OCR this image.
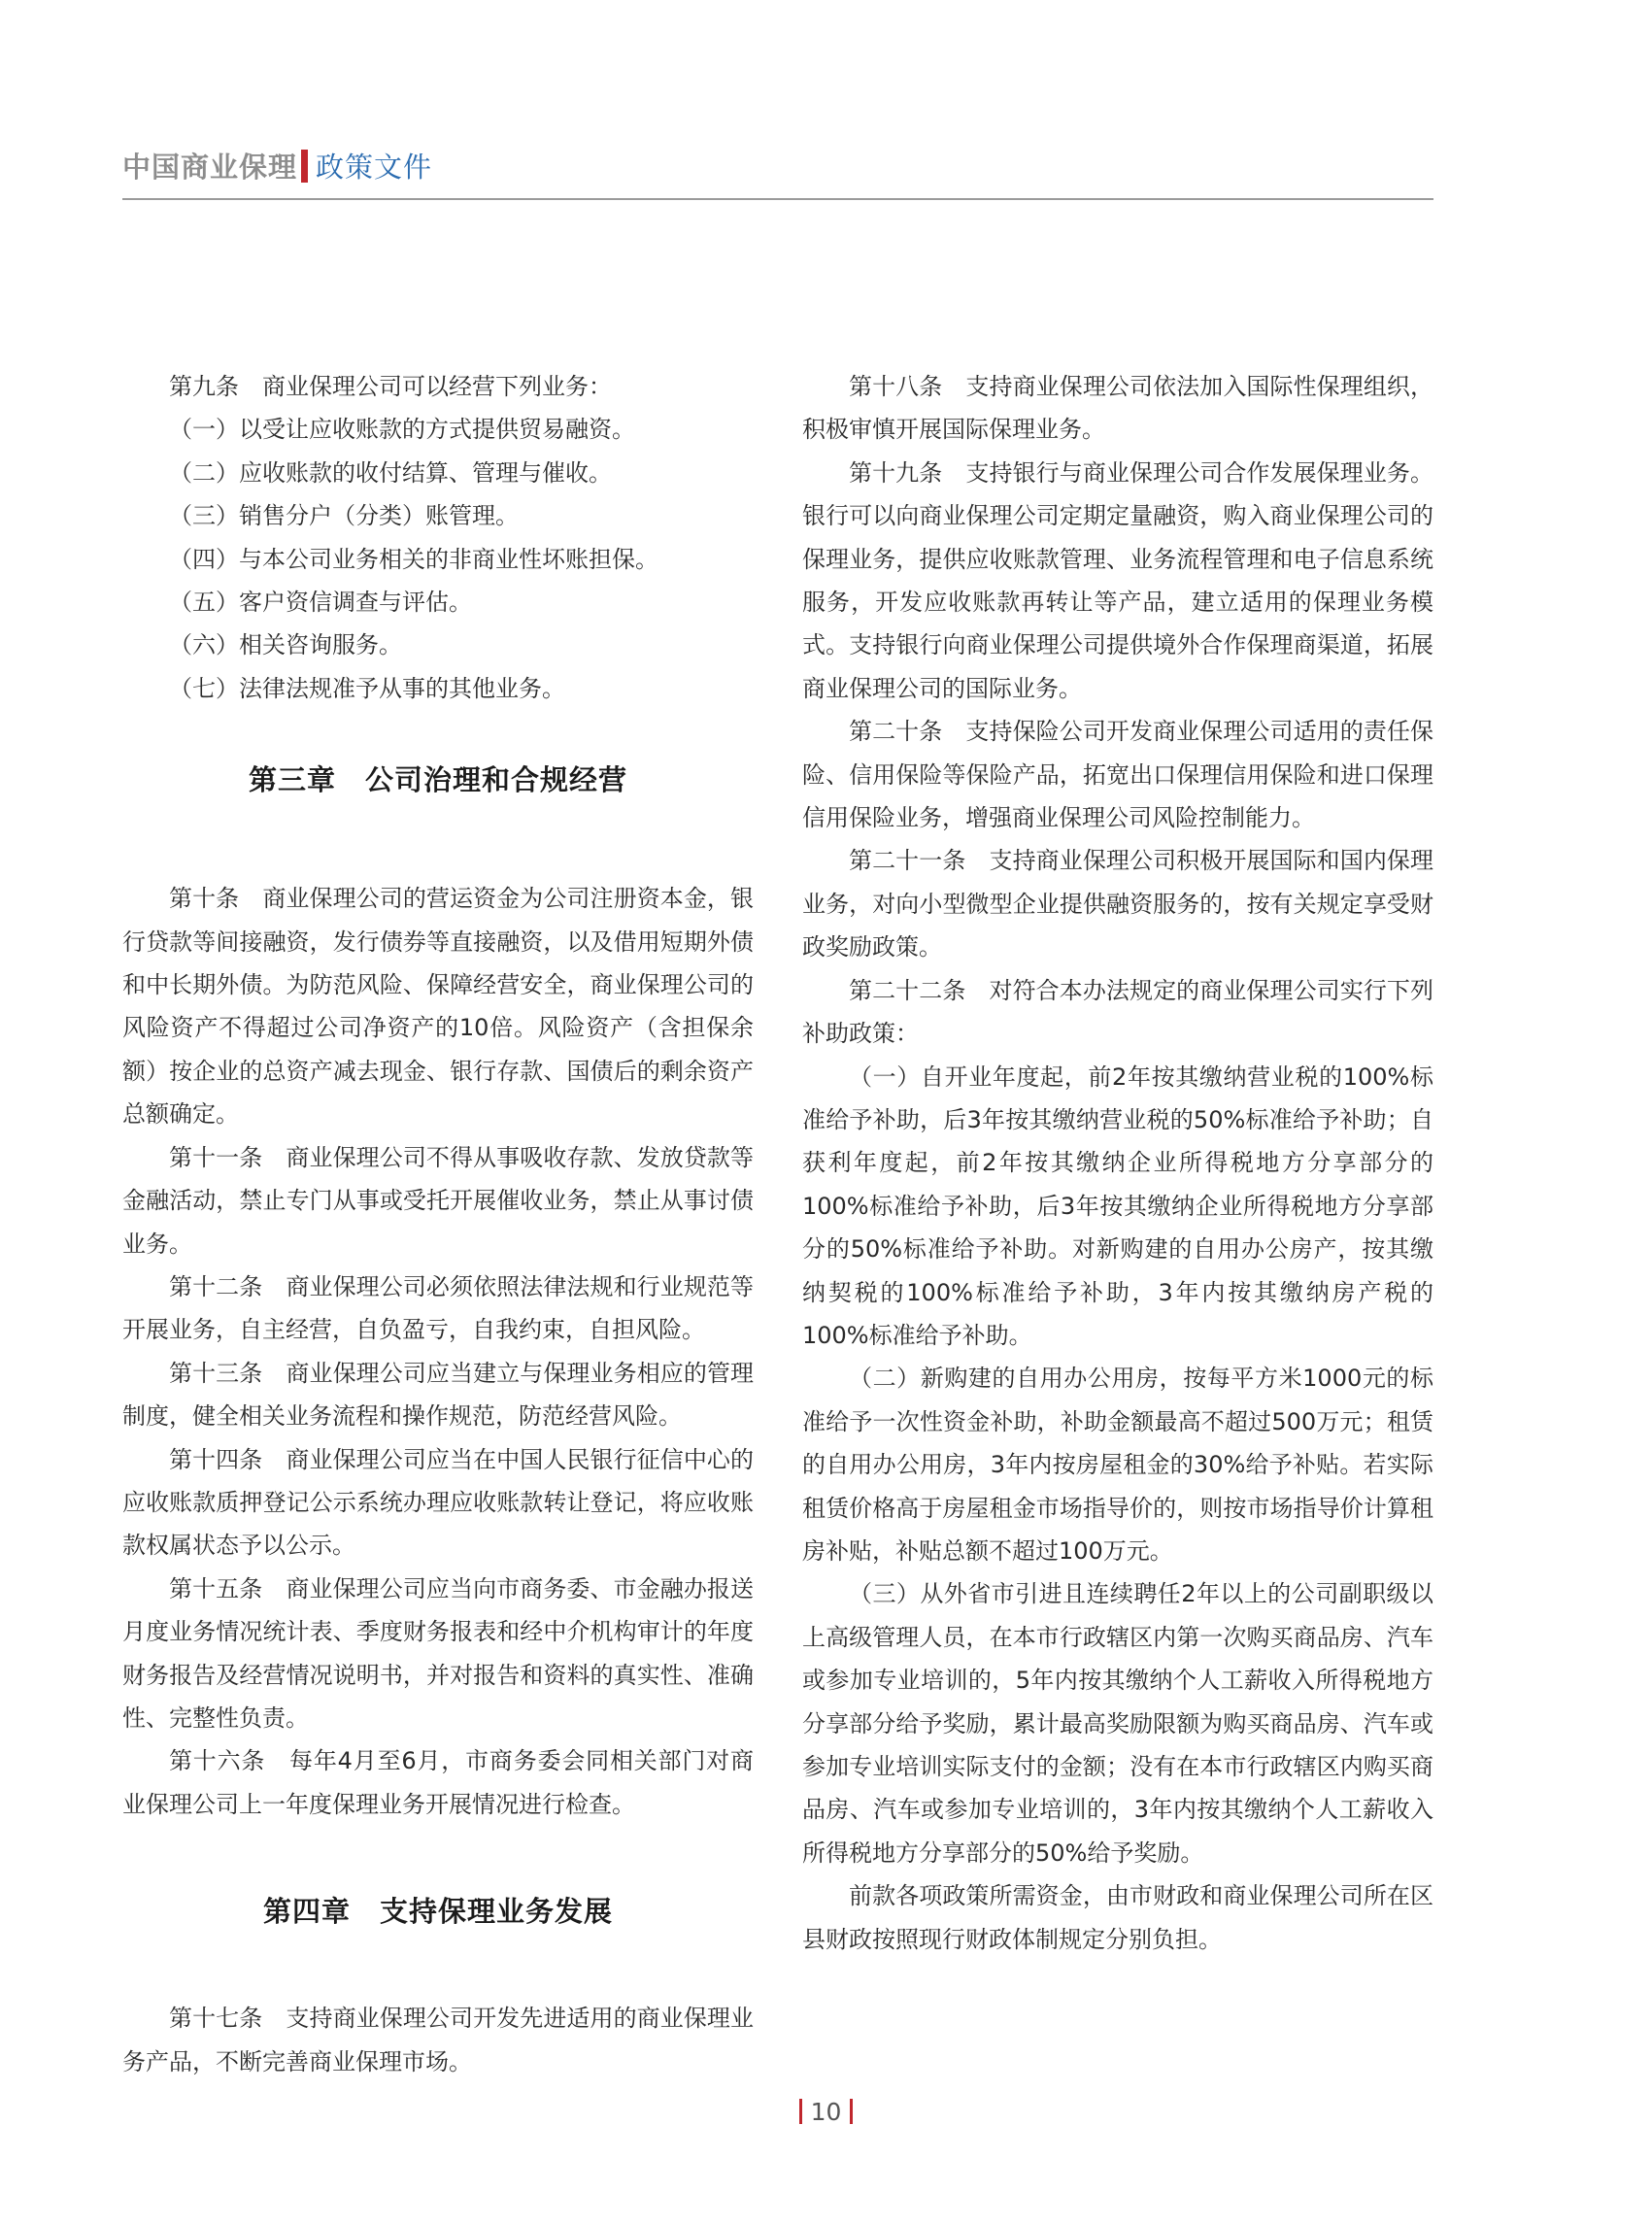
中国商业保理 政策文件

第九条　商业保理公司可以经营下列业务：

（一）以受让应收账款的方式提供贸易融资。

（二）应收账款的收付结算、管理与催收。

（三）销售分户（分类）账管理。

（四）与本公司业务相关的非商业性坏账担保。

（五）客户资信调查与评估。

（六）相关咨询服务。

（七）法律法规准予从事的其他业务。

第三章　公司治理和合规经营

第十条　商业保理公司的营运资金为公司注册资本金，银行贷款等间接融资，发行债券等直接融资，以及借用短期外债和中长期外债。为防范风险、保障经营安全，商业保理公司的风险资产不得超过公司净资产的10倍。风险资产（含担保余额）按企业的总资产减去现金、银行存款、国债后的剩余资产总额确定。

第十一条　商业保理公司不得从事吸收存款、发放贷款等金融活动，禁止专门从事或受托开展催收业务，禁止从事讨债业务。

第十二条　商业保理公司必须依照法律法规和行业规范等开展业务，自主经营，自负盈亏，自我约束，自担风险。

第十三条　商业保理公司应当建立与保理业务相应的管理制度，健全相关业务流程和操作规范，防范经营风险。

第十四条　商业保理公司应当在中国人民银行征信中心的应收账款质押登记公示系统办理应收账款转让登记，将应收账款权属状态予以公示。

第十五条　商业保理公司应当向市商务委、市金融办报送月度业务情况统计表、季度财务报表和经中介机构审计的年度财务报告及经营情况说明书，并对报告和资料的真实性、准确性、完整性负责。

第十六条　每年4月至6月，市商务委会同相关部门对商业保理公司上一年度保理业务开展情况进行检查。

第四章　支持保理业务发展

第十七条　支持商业保理公司开发先进适用的商业保理业务产品，不断完善商业保理市场。

第十八条　支持商业保理公司依法加入国际性保理组织，积极审慎开展国际保理业务。

第十九条　支持银行与商业保理公司合作发展保理业务。银行可以向商业保理公司定期定量融资，购入商业保理公司的保理业务，提供应收账款管理、业务流程管理和电子信息系统服务，开发应收账款再转让等产品，建立适用的保理业务模式。支持银行向商业保理公司提供境外合作保理商渠道，拓展商业保理公司的国际业务。

第二十条　支持保险公司开发商业保理公司适用的责任保险、信用保险等保险产品，拓宽出口保理信用保险和进口保理信用保险业务，增强商业保理公司风险控制能力。

第二十一条　支持商业保理公司积极开展国际和国内保理业务，对向小型微型企业提供融资服务的，按有关规定享受财政奖励政策。

第二十二条　对符合本办法规定的商业保理公司实行下列补助政策：

（一）自开业年度起，前2年按其缴纳营业税的100%标准给予补助，后3年按其缴纳营业税的50%标准给予补助；自获利年度起，前2年按其缴纳企业所得税地方分享部分的100%标准给予补助，后3年按其缴纳企业所得税地方分享部分的50%标准给予补助。对新购建的自用办公房产，按其缴纳契税的100%标准给予补助，3年内按其缴纳房产税的100%标准给予补助。

（二）新购建的自用办公用房，按每平方米1000元的标准给予一次性资金补助，补助金额最高不超过500万元；租赁的自用办公用房，3年内按房屋租金的30%给予补贴。若实际租赁价格高于房屋租金市场指导价的，则按市场指导价计算租房补贴，补贴总额不超过100万元。

（三）从外省市引进且连续聘任2年以上的公司副职级以上高级管理人员，在本市行政辖区内第一次购买商品房、汽车或参加专业培训的，5年内按其缴纳个人工薪收入所得税地方分享部分给予奖励，累计最高奖励限额为购买商品房、汽车或参加专业培训实际支付的金额；没有在本市行政辖区内购买商品房、汽车或参加专业培训的，3年内按其缴纳个人工薪收入所得税地方分享部分的50%给予奖励。

前款各项政策所需资金，由市财政和商业保理公司所在区县财政按照现行财政体制规定分别负担。

10
